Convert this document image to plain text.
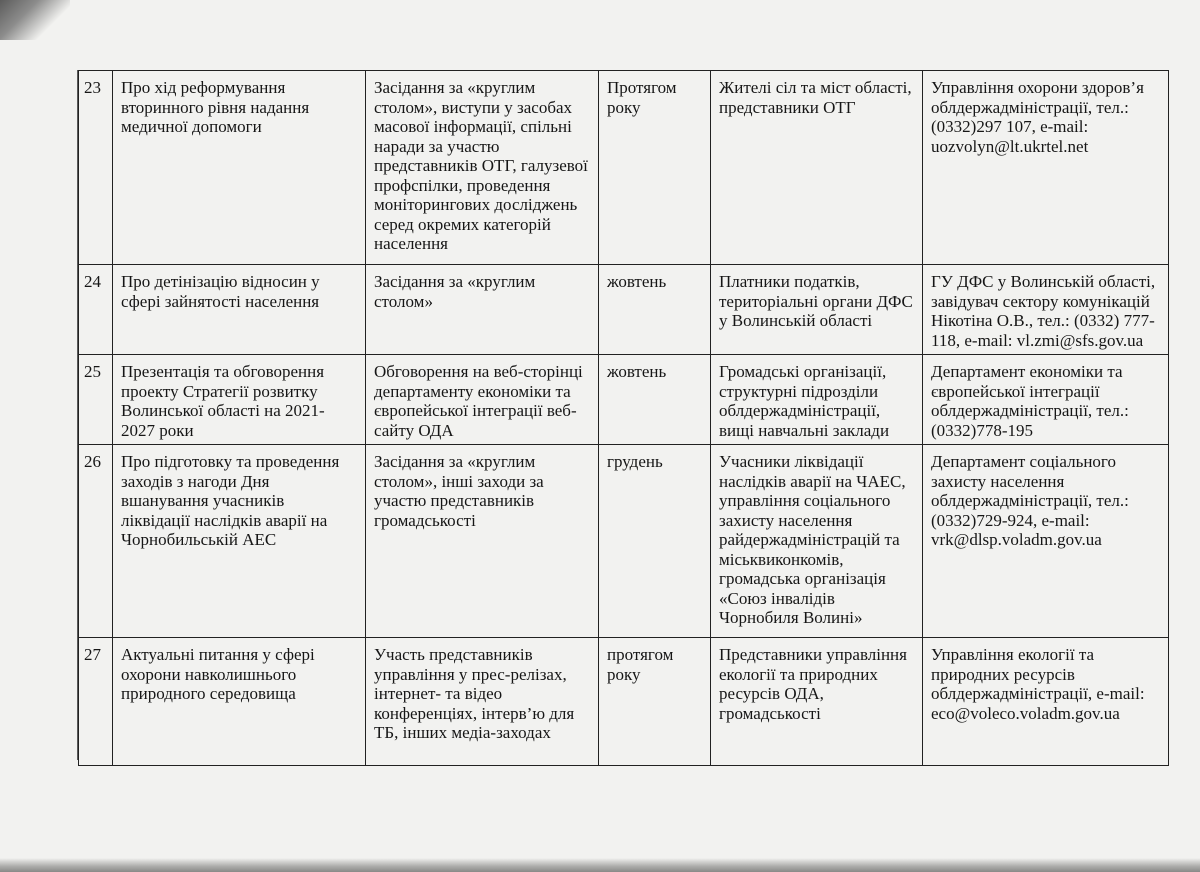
23	Про хід реформування вторинного рівня надання медичної допомоги	Засідання за «круглим столом», виступи у засобах масової інформації, спільні наради за участю представників ОТГ, галузевої профспілки, проведення моніторингових досліджень серед окремих категорій населення	Протягом року	Жителі сіл та міст області, представники ОТГ	Управління охорони здоров’я облдержадміністрації, тел.: (0332)297 107, e-mail: uozvolyn@lt.ukrtel.net
24	Про детінізацію відносин у сфері зайнятості населення	Засідання за «круглим столом»	жовтень	Платники податків, територіальні органи ДФС у Волинській області	ГУ ДФС у Волинській області, завідувач сектору комунікацій Нікотіна О.В., тел.: (0332) 777-118, e-mail: vl.zmi@sfs.gov.ua
25	Презентація та обговорення проекту Стратегії розвитку Волинської області на 2021-2027 роки	Обговорення на веб-сторінці департаменту економіки та європейської інтеграції веб-сайту ОДА	жовтень	Громадські організації, структурні підрозділи облдержадміністрації, вищі навчальні заклади	Департамент економіки та європейської інтеграції облдержадміністрації, тел.: (0332)778-195
26	Про підготовку та проведення заходів з нагоди Дня вшанування учасників ліквідації наслідків аварії на Чорнобильській АЕС	Засідання за «круглим столом», інші заходи за участю представників громадськості	грудень	Учасники ліквідації наслідків аварії на ЧАЕС, управління соціального захисту населення райдержадміністрацій та міськвиконкомів, громадська організація «Союз інвалідів Чорнобиля Волині»	Департамент соціального захисту населення облдержадміністрації, тел.: (0332)729-924, e-mail: vrk@dlsp.voladm.gov.ua
27	Актуальні питання у сфері охорони навколишнього природного середовища	Участь представників управління у прес-релізах, інтернет- та відео конференціях, інтерв’ю для ТБ, інших медіа-заходах	протягом року	Представники управління екології та природних ресурсів ОДА, громадськості	Управління екології та природних ресурсів облдержадміністрації, e-mail: eco@voleco.voladm.gov.ua
